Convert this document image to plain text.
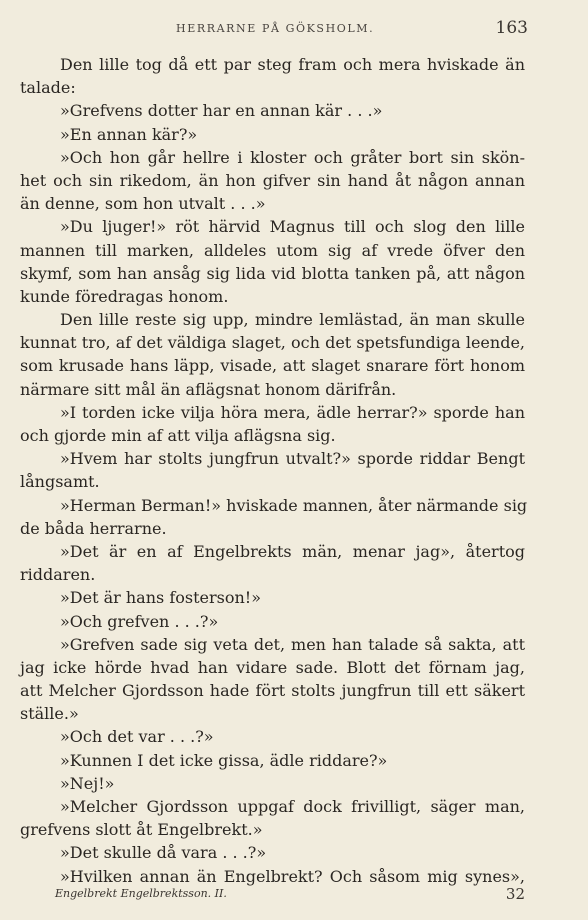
HERRARNE PÅ GÖKSHOLM.	163
Den lille tog då ett par steg fram och mera hviskade än
talade:
»Grefvens dotter har en annan kär . . .»
»En annan kär?»
»Och hon går hellre i kloster och gråter bort sin skön-
het och sin rikedom, än hon gifver sin hand åt någon annan
än denne, som hon utvalt . . .»
»Du ljuger!» röt härvid Magnus till och slog den lille
mannen till marken, alldeles utom sig af vrede öfver den
skymf, som han ansåg sig lida vid blotta tanken på, att någon
kunde föredragas honom.
Den lille reste sig upp, mindre lemlästad, än man skulle
kunnat tro, af det väldiga slaget, och det spetsfundiga leende,
som krusade hans läpp, visade, att slaget snarare fört honom
närmare sitt mål än aflägsnat honom därifrån.
»I torden icke vilja höra mera, ädle herrar?» sporde han
och gjorde min af att vilja aflägsna sig.
»Hvem har stolts jungfrun utvalt?» sporde riddar Bengt
långsamt.
»Herman Berman!» hviskade mannen, åter närmande sig
de båda herrarne.
»Det är en af Engelbrekts män, menar jag», återtog
riddaren.
»Det är hans fosterson!»
»Och grefven . . .?»
»Grefven sade sig veta det, men han talade så sakta, att
jag icke hörde hvad han vidare sade. Blott det förnam jag,
att Melcher Gjordsson hade fört stolts jungfrun till ett säkert
ställe.»
»Och det var . . .?»
»Kunnen I det icke gissa, ädle riddare?»
»Nej!»
»Melcher Gjordsson uppgaf dock frivilligt, säger man,
grefvens slott åt Engelbrekt.»
»Det skulle då vara . . .?»
»Hvilken annan än Engelbrekt? Och såsom mig synes»,
Engelbrekt Engelbrektsson. II.	32
